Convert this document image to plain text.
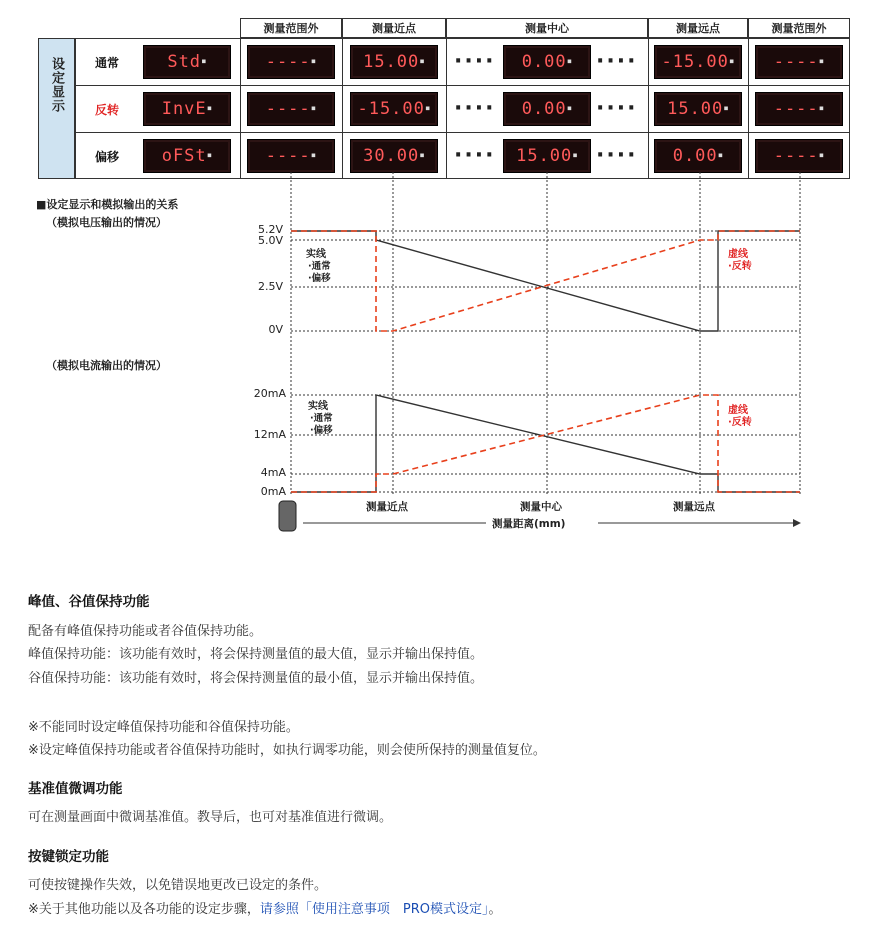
测量范围外	测量近点	测量中心	测量远点	测量范围外
设定显示	通常	Std■	----■	15.00■	0.00■	-15.00■	----■
····	····
反转	InvE■	----■	-15.00■	0.00■	15.00■	----■
····	····
偏移	oFSt■	----■	30.00■	15.00■	0.00■	----■
····	····
■设定显示和模拟输出的关系
（模拟电压输出的情况）
（模拟电流输出的情况）
5.2V
5.0V
2.5V
0V
20mA
12mA
4mA
0mA
实线
·通常
·偏移
虚线
·反转
实线
·通常
·偏移
虚线
·反转
测量近点	测量中心	测量远点
测量距离(mm)
峰值、谷值保持功能
配备有峰值保持功能或者谷值保持功能。
峰值保持功能：该功能有效时，将会保持测量值的最大值，显示并输出保持值。
谷值保持功能：该功能有效时，将会保持测量值的最小值，显示并输出保持值。
※不能同时设定峰值保持功能和谷值保持功能。
※设定峰值保持功能或者谷值保持功能时，如执行调零功能，则会使所保持的测量值复位。
基准值微调功能
可在测量画面中微调基准值。教导后，也可对基准值进行微调。
按键锁定功能
可使按键操作失效，以免错误地更改已设定的条件。
※关于其他功能以及各功能的设定步骤，请参照「使用注意事项　PRO模式设定」。
